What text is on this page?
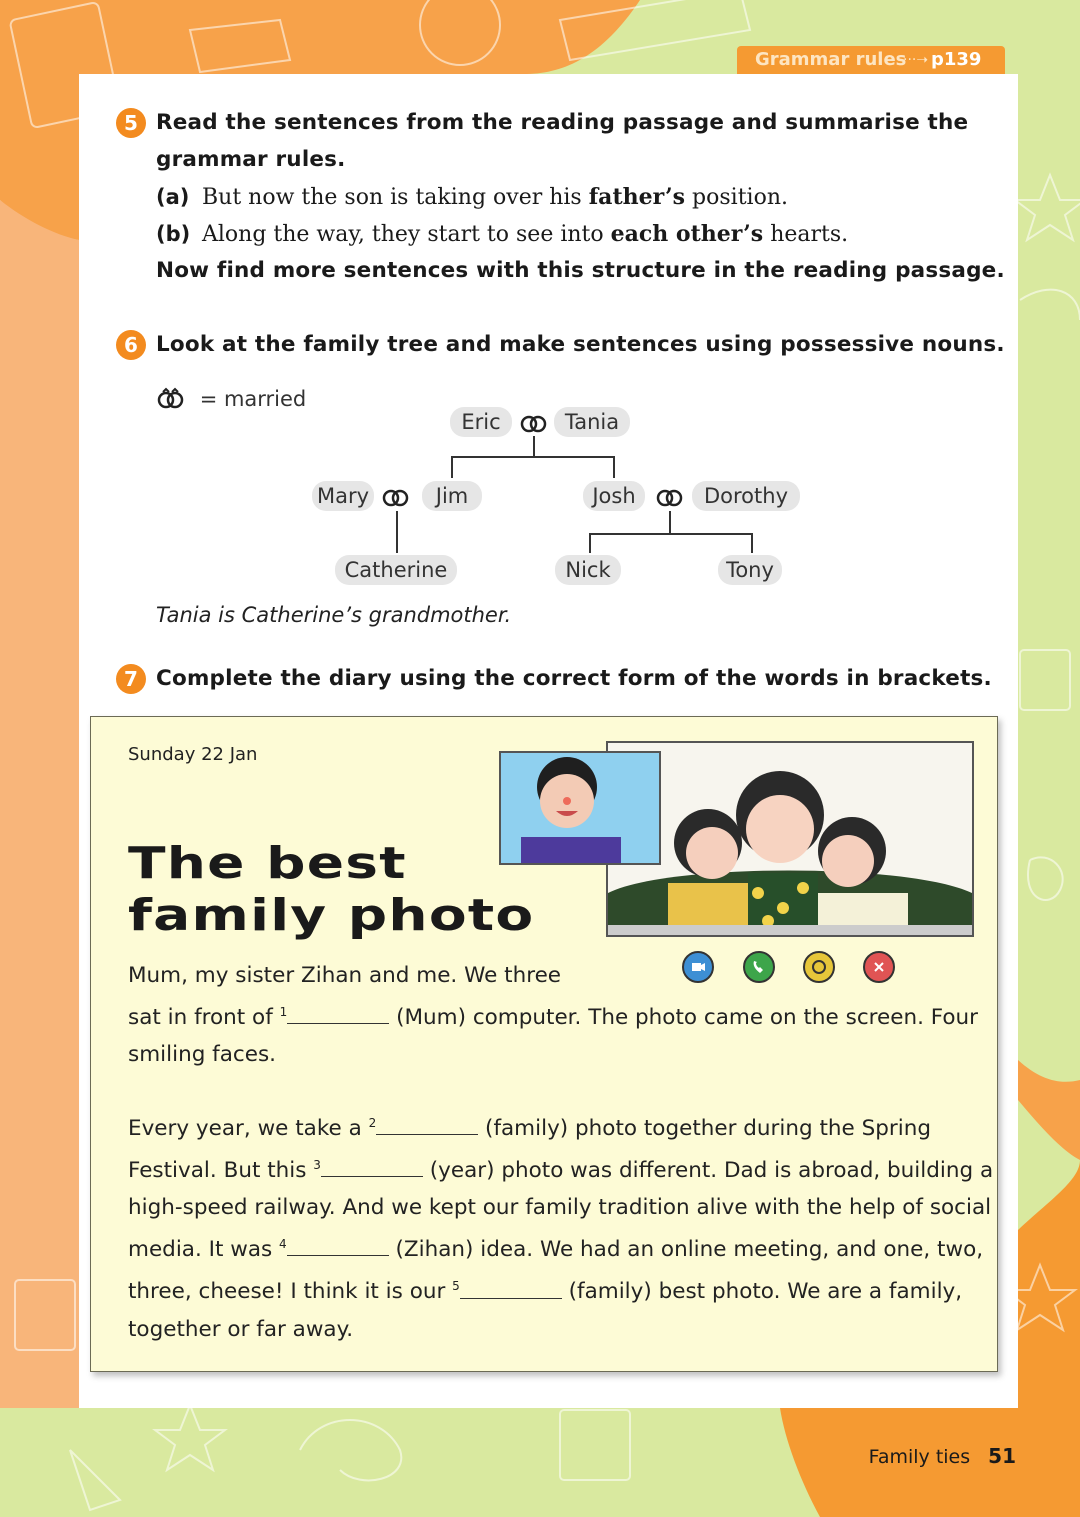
Grammar rules
···➝ p139
5 Read the sentences from the reading passage and summarise the
grammar rules.
(a) But now the son is taking over his father’s position.
(b) Along the way, they start to see into each other’s hearts.
Now find more sentences with this structure in the reading passage.
6 Look at the family tree and make sentences using possessive nouns.
= married
Eric	Tania
Mary	Jim	Josh	Dorothy
Catherine	Nick	Tony
Tania is Catherine’s grandmother.
7 Complete the diary using the correct form of the words in brackets.
Sunday 22 Jan
The best
family photo
Mum, my sister Zihan and me. We three
sat in front of $^1$	(Mum) computer. The photo came on the screen. Four
smiling faces.
Every year, we take a $^2$	(family) photo together during the Spring
Festival. But this $^3$	(year) photo was different. Dad is abroad, building a
high-speed railway. And we kept our family tradition alive with the help of social
media. It was $^4$	(Zihan) idea. We had an online meeting, and one, two,
three, cheese! I think it is our $^5$	(family) best photo. We are a family,
together or far away.
Family ties 51
